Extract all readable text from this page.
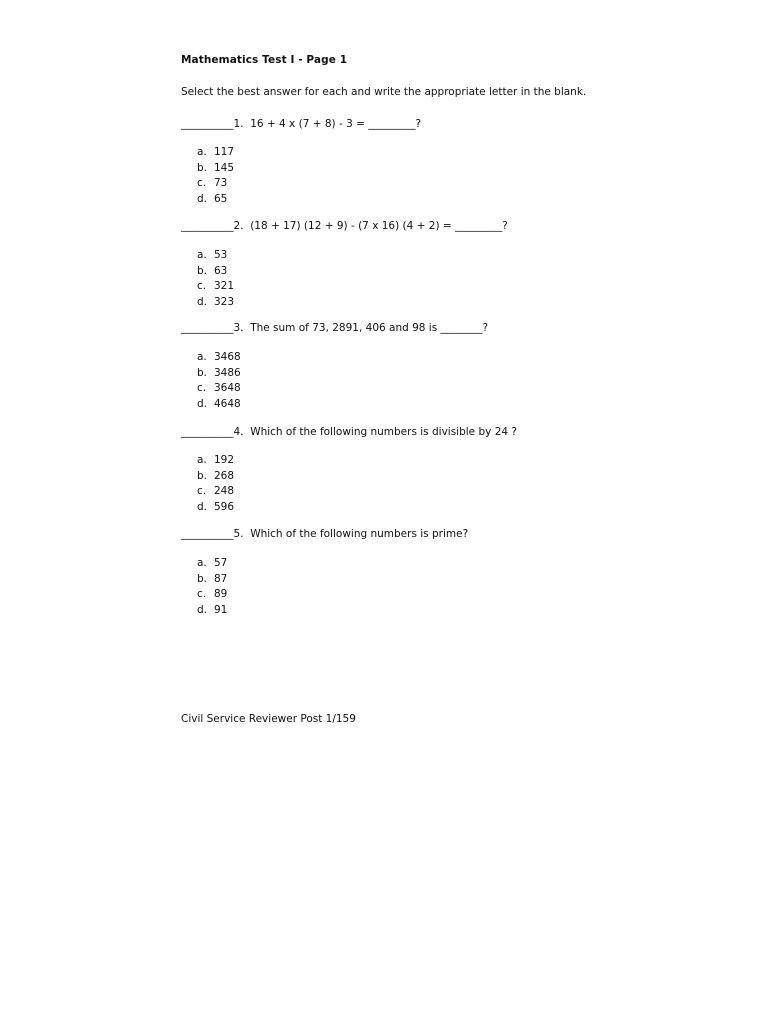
Mathematics Test I - Page 1
Select the best answer for each and write the appropriate letter in the blank.
__________1.  16 + 4 x (7 + 8) - 3 = _________?
a. 117
b. 145
c. 73
d. 65
__________2.  (18 + 17) (12 + 9) - (7 x 16) (4 + 2) = _________?
a. 53
b. 63
c. 321
d. 323
__________3.  The sum of 73, 2891, 406 and 98 is ________?
a. 3468
b. 3486
c. 3648
d. 4648
__________4.  Which of the following numbers is divisible by 24 ?
a. 192
b. 268
c. 248
d. 596
__________5.  Which of the following numbers is prime?
a. 57
b. 87
c. 89
d. 91
Civil Service Reviewer Post 1/159
